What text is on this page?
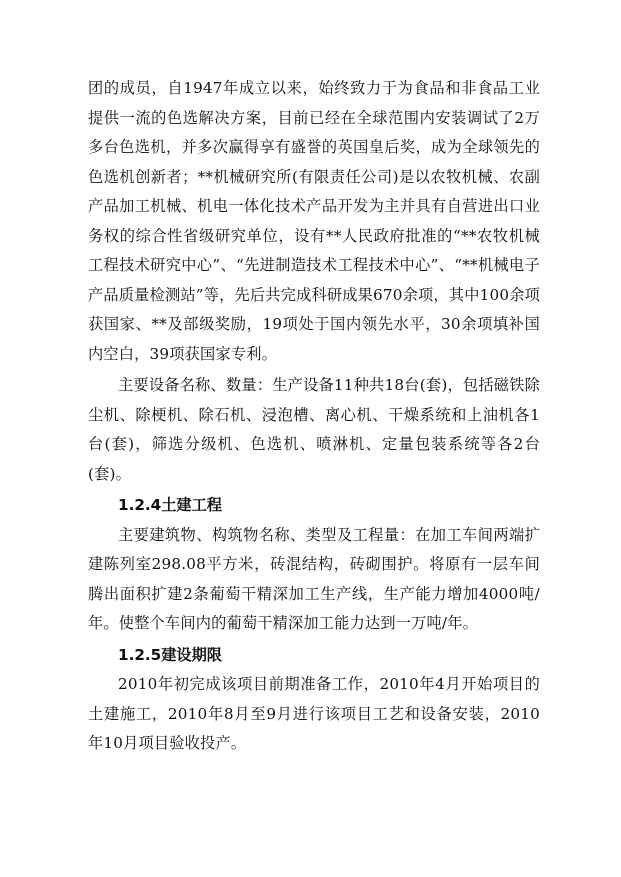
团的成员，自1947年成立以来，始终致力于为食品和非食品工业提供一流的色选解决方案，目前已经在全球范围内安装调试了2万多台色选机，并多次赢得享有盛誉的英国皇后奖，成为全球领先的色选机创新者；**机械研究所(有限责任公司)是以农牧机械、农副产品加工机械、机电一体化技术产品开发为主并具有自营进出口业务权的综合性省级研究单位，设有**人民政府批准的“**农牧机械工程技术研究中心”、“先进制造技术工程技术中心”、“**机械电子产品质量检测站”等，先后共完成科研成果670余项，其中100余项获国家、**及部级奖励，19项处于国内领先水平，30余项填补国内空白，39项获国家专利。

主要设备名称、数量：生产设备11种共18台(套)，包括磁铁除尘机、除梗机、除石机、浸泡槽、离心机、干燥系统和上油机各1台(套)，筛选分级机、色选机、喷淋机、定量包装系统等各2台(套)。

1.2.4土建工程

主要建筑物、构筑物名称、类型及工程量：在加工车间两端扩建陈列室298.08平方米，砖混结构，砖砌围护。将原有一层车间腾出面积扩建2条葡萄干精深加工生产线，生产能力增加4000吨/年。使整个车间内的葡萄干精深加工能力达到一万吨/年。

1.2.5建设期限

2010年初完成该项目前期准备工作，2010年4月开始项目的土建施工，2010年8月至9月进行该项目工艺和设备安装，2010年10月项目验收投产。
